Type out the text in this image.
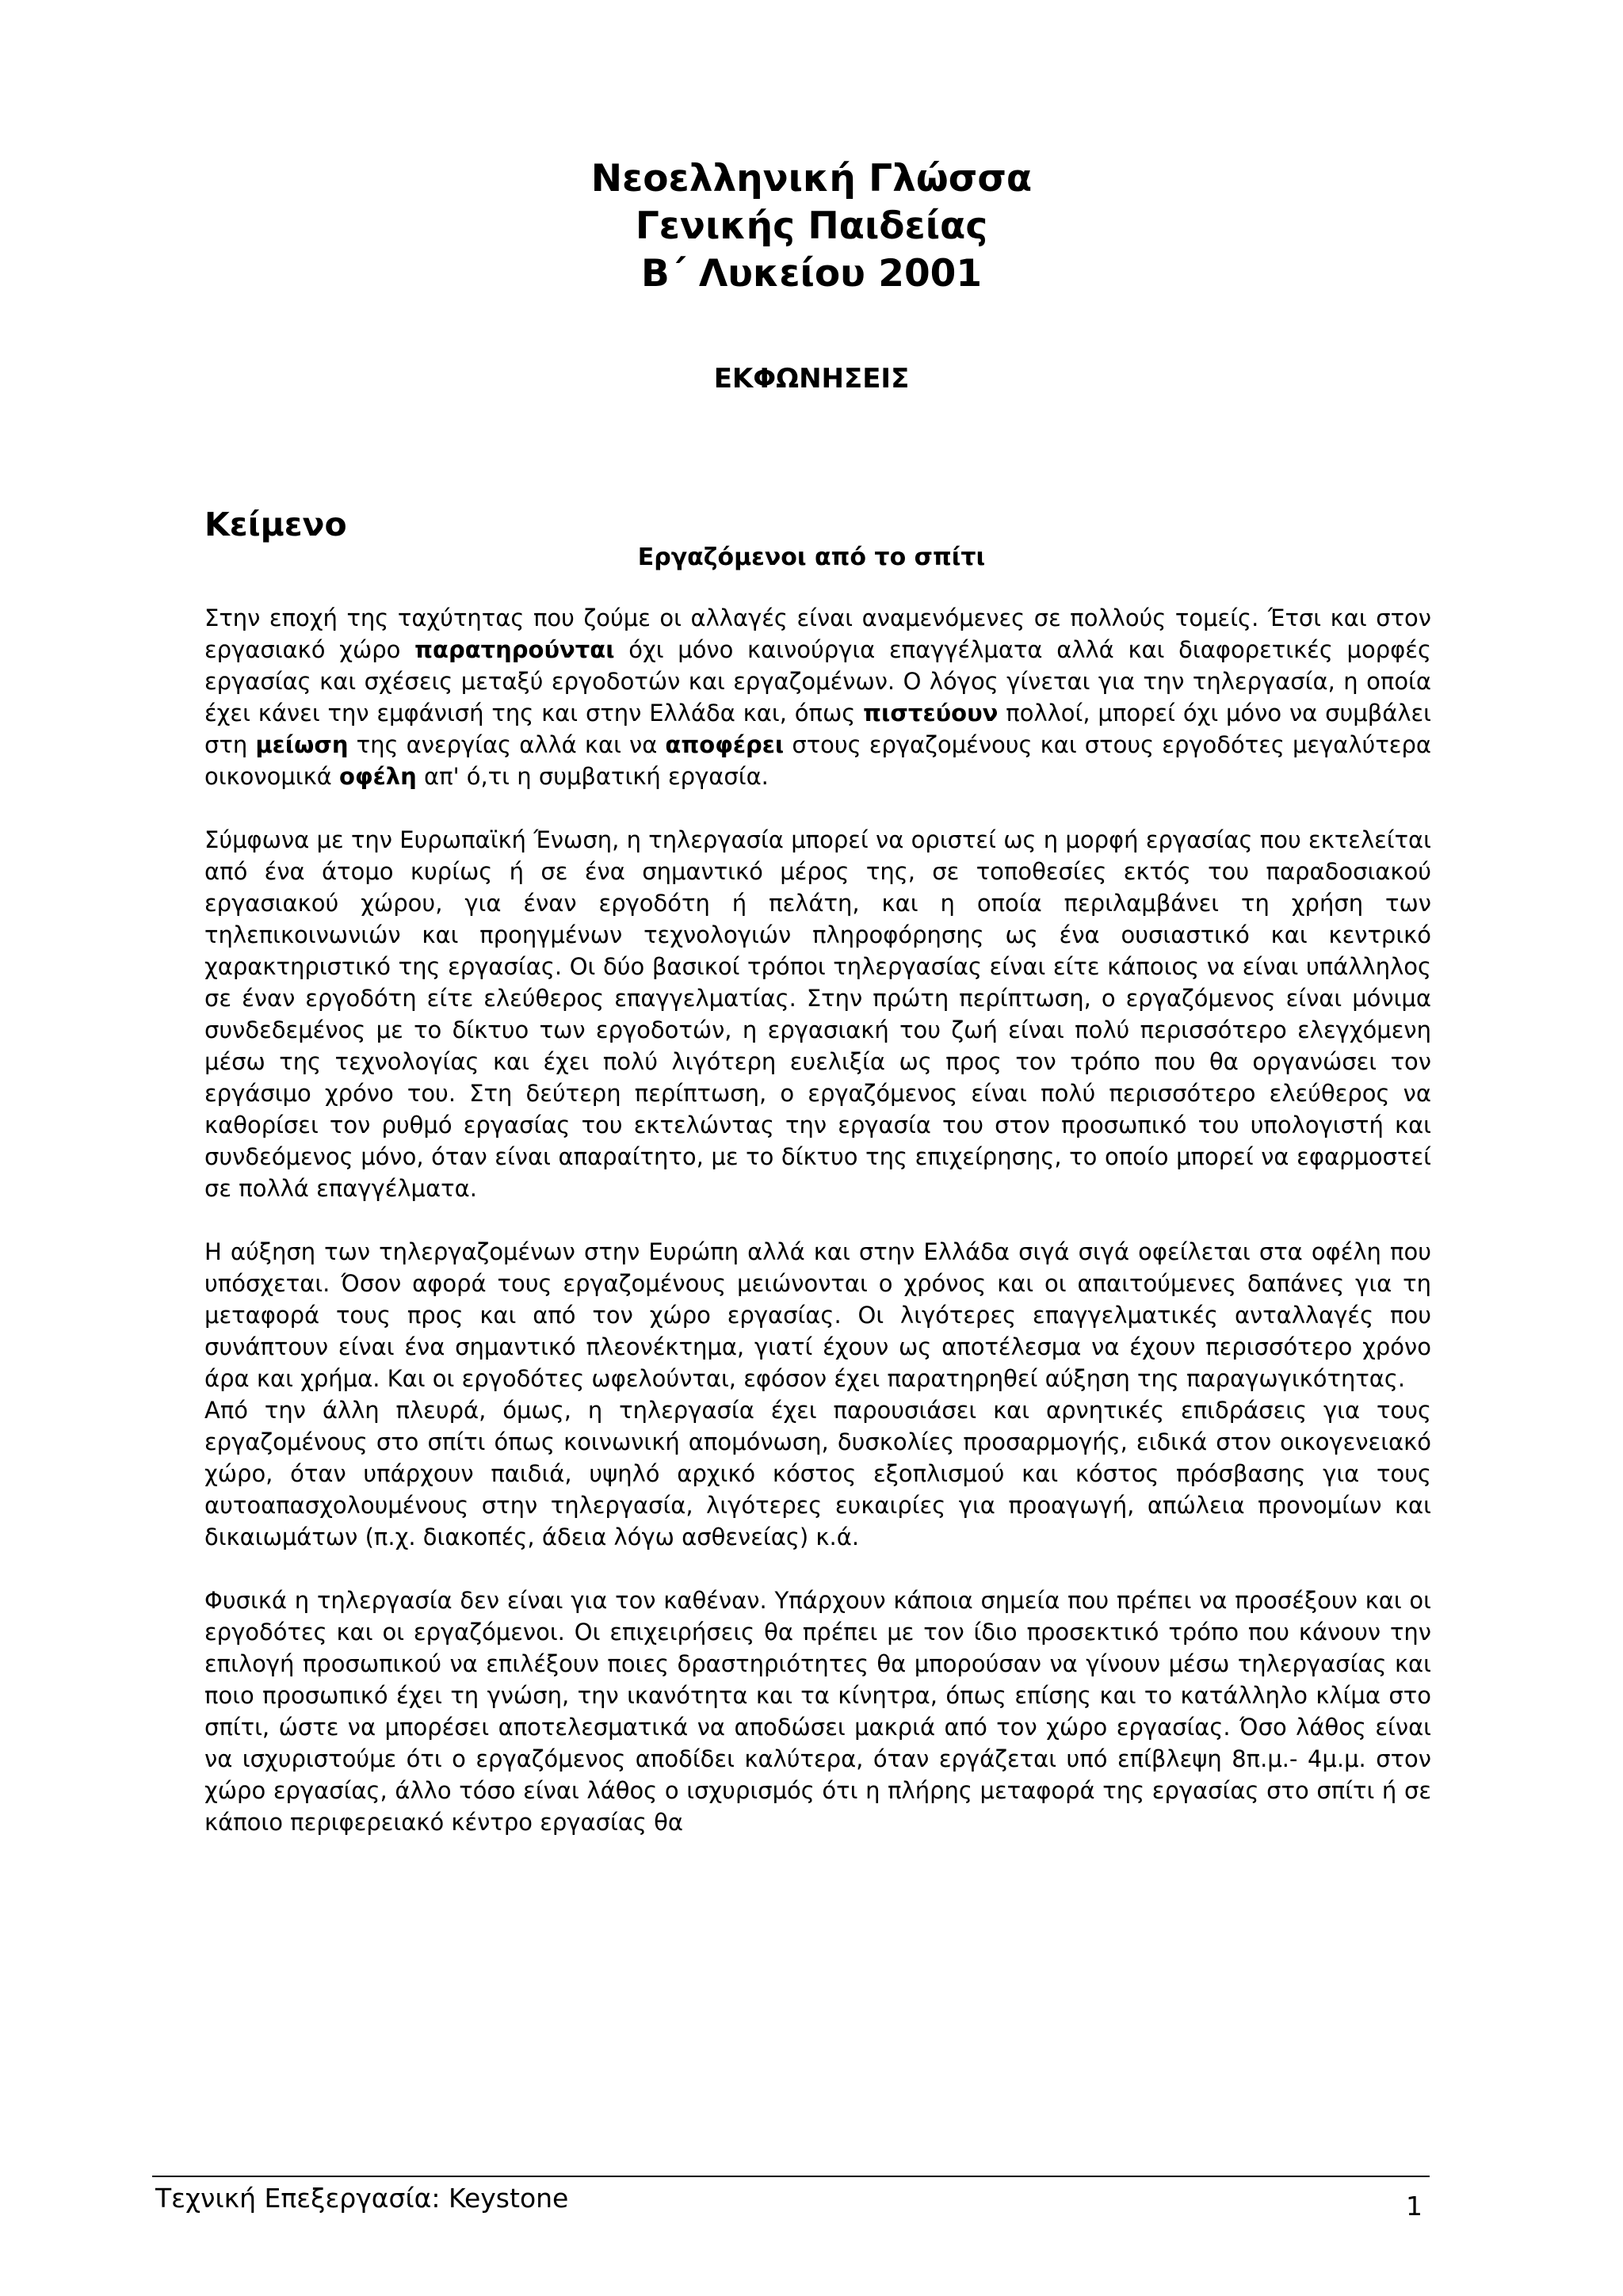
Νεοελληνική Γλώσσα
Γενικής Παιδείας
Β΄ Λυκείου 2001
ΕΚΦΩΝΗΣΕΙΣ
Κείμενο
Εργαζόμενοι από το σπίτι

Στην εποχή της ταχύτητας που ζούμε οι αλλαγές είναι αναμενόμενες σε πολλούς τομείς. Έτσι και στον εργασιακό χώρο παρατηρούνται όχι μόνο καινούργια επαγγέλματα αλλά και διαφορετικές μορφές εργασίας και σχέσεις μεταξύ εργοδοτών και εργαζομένων. Ο λόγος γίνεται για την τηλεργασία, η οποία έχει κάνει την εμφάνισή της και στην Ελλάδα και, όπως πιστεύουν πολλοί, μπορεί όχι μόνο να συμβάλει στη μείωση της ανεργίας αλλά και να αποφέρει στους εργαζομένους και στους εργοδότες μεγαλύτερα οικονομικά οφέλη απ' ό,τι η συμβατική εργασία.

Σύμφωνα με την Ευρωπαϊκή Ένωση, η τηλεργασία μπορεί να οριστεί ως η μορφή εργασίας που εκτελείται από ένα άτομο κυρίως ή σε ένα σημαντικό μέρος της, σε τοποθεσίες εκτός του παραδοσιακού εργασιακού χώρου, για έναν εργοδότη ή πελάτη, και η οποία περιλαμβάνει τη χρήση των τηλεπικοινωνιών και προηγμένων τεχνολογιών πληροφόρησης ως ένα ουσιαστικό και κεντρικό χαρακτηριστικό της εργασίας. Οι δύο βασικοί τρόποι τηλεργασίας είναι είτε κάποιος να είναι υπάλληλος σε έναν εργοδότη είτε ελεύθερος επαγγελματίας. Στην πρώτη περίπτωση, ο εργαζόμενος είναι μόνιμα συνδεδεμένος με το δίκτυο των εργοδοτών, η εργασιακή του ζωή είναι πολύ περισσότερο ελεγχόμενη μέσω της τεχνολογίας και έχει πολύ λιγότερη ευελιξία ως προς τον τρόπο που θα οργανώσει τον εργάσιμο χρόνο του. Στη δεύτερη περίπτωση, ο εργαζόμενος είναι πολύ περισσότερο ελεύθερος να καθορίσει τον ρυθμό εργασίας του εκτελώντας την εργασία του στον προσωπικό του υπολογιστή και συνδεόμενος μόνο, όταν είναι απαραίτητο, με το δίκτυο της επιχείρησης, το οποίο μπορεί να εφαρμοστεί σε πολλά επαγγέλματα.

Η αύξηση των τηλεργαζομένων στην Ευρώπη αλλά και στην Ελλάδα σιγά σιγά οφείλεται στα οφέλη που υπόσχεται. Όσον αφορά τους εργαζομένους μειώνονται ο χρόνος και οι απαιτούμενες δαπάνες για τη μεταφορά τους προς και από τον χώρο εργασίας. Οι λιγότερες επαγγελματικές ανταλλαγές που συνάπτουν είναι ένα σημαντικό πλεονέκτημα, γιατί έχουν ως αποτέλεσμα να έχουν περισσότερο χρόνο άρα και χρήμα. Και οι εργοδότες ωφελούνται, εφόσον έχει παρατηρηθεί αύξηση της παραγωγικότητας.

Από την άλλη πλευρά, όμως, η τηλεργασία έχει παρουσιάσει και αρνητικές επιδράσεις για τους εργαζομένους στο σπίτι όπως κοινωνική απομόνωση, δυσκολίες προσαρμογής, ειδικά στον οικογενειακό χώρο, όταν υπάρχουν παιδιά, υψηλό αρχικό κόστος εξοπλισμού και κόστος πρόσβασης για τους αυτοαπασχολουμένους στην τηλεργασία, λιγότερες ευκαιρίες για προαγωγή, απώλεια προνομίων και δικαιωμάτων (π.χ. διακοπές, άδεια λόγω ασθενείας) κ.ά.

Φυσικά η τηλεργασία δεν είναι για τον καθέναν. Υπάρχουν κάποια σημεία που πρέπει να προσέξουν και οι εργοδότες και οι εργαζόμενοι. Οι επιχειρήσεις θα πρέπει με τον ίδιο προσεκτικό τρόπο που κάνουν την επιλογή προσωπικού να επιλέξουν ποιες δραστηριότητες θα μπορούσαν να γίνουν μέσω τηλεργασίας και ποιο προσωπικό έχει τη γνώση, την ικανότητα και τα κίνητρα, όπως επίσης και το κατάλληλο κλίμα στο σπίτι, ώστε να μπορέσει αποτελεσματικά να αποδώσει μακριά από τον χώρο εργασίας. Όσο λάθος είναι να ισχυριστούμε ότι ο εργαζόμενος αποδίδει καλύτερα, όταν εργάζεται υπό επίβλεψη 8π.μ.- 4μ.μ. στον χώρο εργασίας, άλλο τόσο είναι λάθος ο ισχυρισμός ότι η πλήρης μεταφορά της εργασίας στο σπίτι ή σε κάποιο περιφερειακό κέντρο εργασίας θα

Τεχνική Επεξεργασία: Keystone	1
